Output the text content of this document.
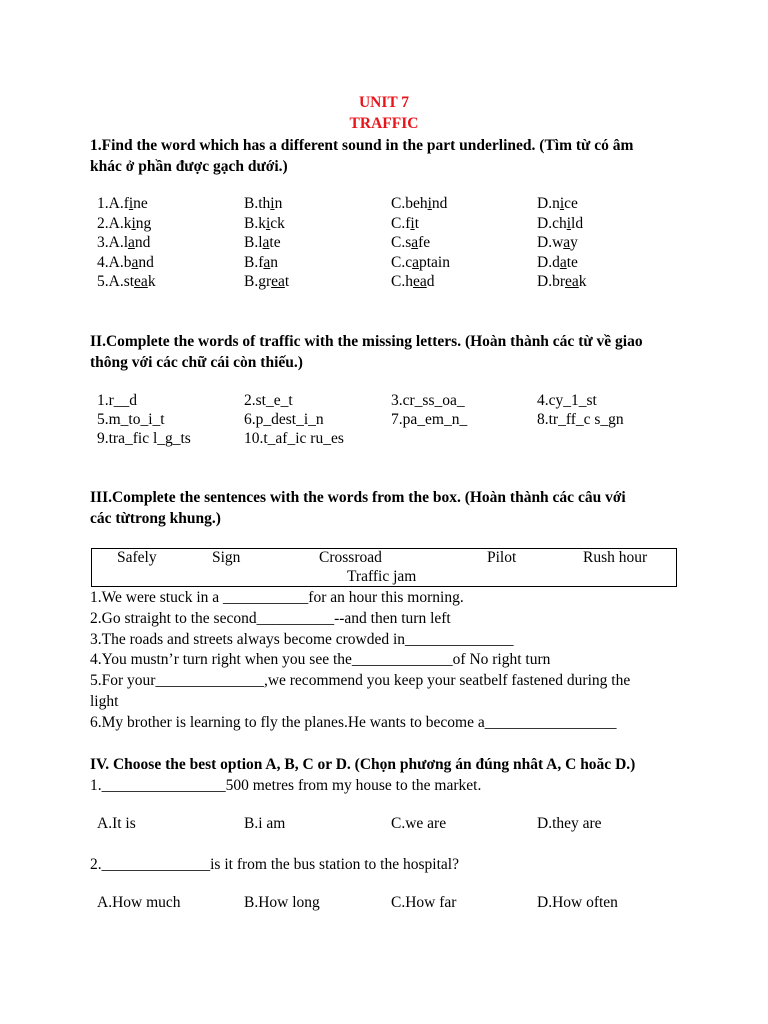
UNIT 7
TRAFFIC
1.Find the word which has a different sound in the part underlined. (Tìm từ có âm
khác ở phần được gạch dưới.)
1.A.fine	B.thin	C.behind	D.nice
2.A.king	B.kick	C.fit	D.child
3.A.land	B.late	C.safe	D.way
4.A.band	B.fan	C.captain	D.date
5.A.steak	B.great	C.head	D.break
II.Complete the words of traffic with the missing letters. (Hoàn thành các từ về giao
thông với các chữ cái còn thiếu.)
1.r__d	2.st_e_t	3.cr_ss_oa_	4.cy_1_st
5.m_to_i_t	6.p_dest_i_n	7.pa_em_n_	8.tr_ff_c s_gn
9.tra_fic l_g_ts	10.t_af_ic ru_es
III.Complete the sentences with the words from the box. (Hoàn thành các câu với
các từtrong khung.)
Safely	Sign	Crossroad	Pilot	Rush hour
Traffic jam
1.We were stuck in a ___________for an hour this morning.
2.Go straight to the second__________--and then turn left
3.The roads and streets always become crowded in______________
4.You mustn’r turn right when you see the_____________of No right turn
5.For your______________,we recommend you keep your seatbelf fastened during the
light
6.My brother is learning to fly the planes.He wants to become a_________________
IV. Choose the best option A, B, C or D. (Chọn phương án đúng nhât A, C hoăc D.)
1.________________500 metres from my house to the market.
A.It is	B.i am	C.we are	D.they are
2.______________is it from the bus station to the hospital?
A.How much	B.How long	C.How far	D.How often
